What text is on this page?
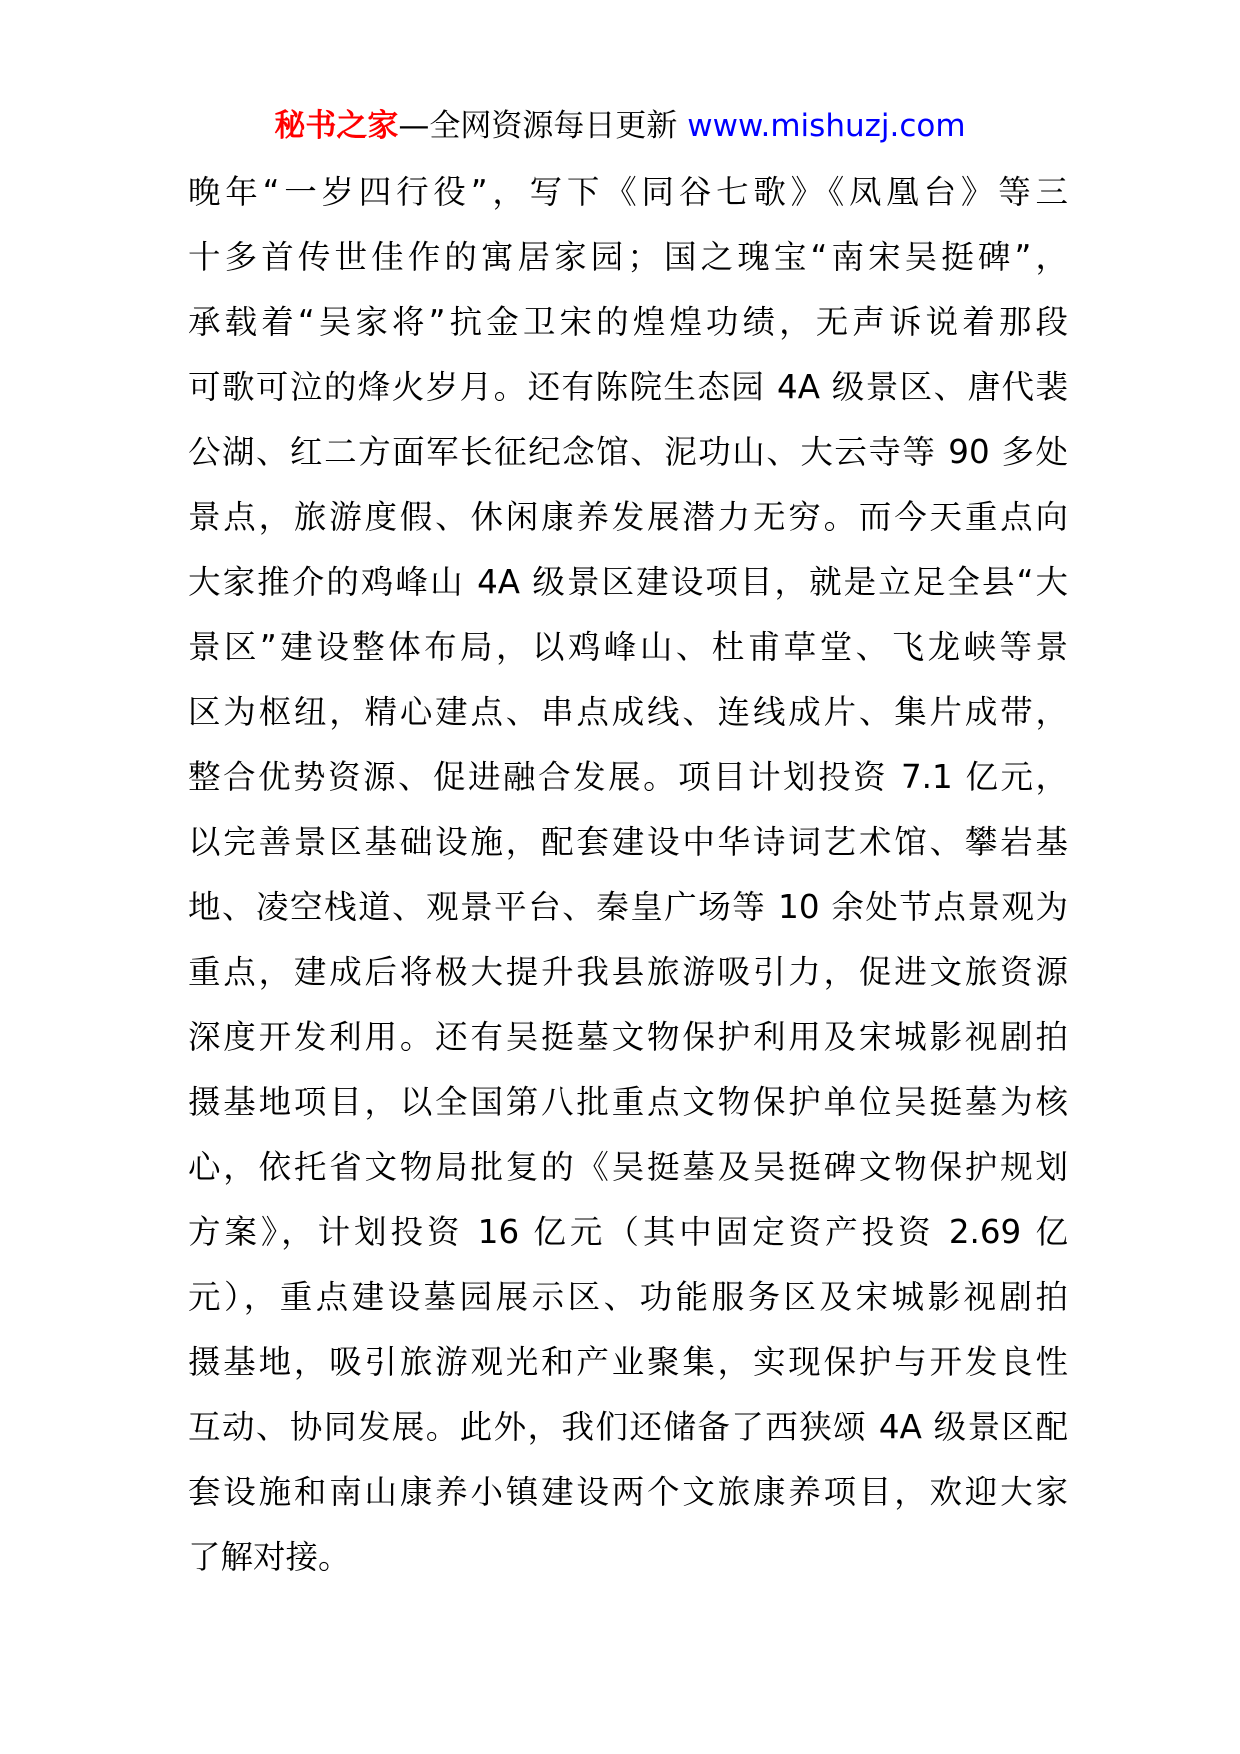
秘书之家—全网资源每日更新 www.mishuzj.com
晚年“一岁四行役”，写下《同谷七歌》《凤凰台》等三
十多首传世佳作的寓居家园；国之瑰宝“南宋吴挺碑”，
承载着“吴家将”抗金卫宋的煌煌功绩，无声诉说着那段
可歌可泣的烽火岁月。还有陈院生态园 4A 级景区、唐代裴
公湖、红二方面军长征纪念馆、泥功山、大云寺等 90 多处
景点，旅游度假、休闲康养发展潜力无穷。而今天重点向
大家推介的鸡峰山 4A 级景区建设项目，就是立足全县“大
景区”建设整体布局，以鸡峰山、杜甫草堂、飞龙峡等景
区为枢纽，精心建点、串点成线、连线成片、集片成带，
整合优势资源、促进融合发展。项目计划投资 7.1 亿元，
以完善景区基础设施，配套建设中华诗词艺术馆、攀岩基
地、凌空栈道、观景平台、秦皇广场等 10 余处节点景观为
重点，建成后将极大提升我县旅游吸引力，促进文旅资源
深度开发利用。还有吴挺墓文物保护利用及宋城影视剧拍
摄基地项目，以全国第八批重点文物保护单位吴挺墓为核
心，依托省文物局批复的《吴挺墓及吴挺碑文物保护规划
方案》，计划投资 16 亿元（其中固定资产投资 2.69 亿
元），重点建设墓园展示区、功能服务区及宋城影视剧拍
摄基地，吸引旅游观光和产业聚集，实现保护与开发良性
互动、协同发展。此外，我们还储备了西狭颂 4A 级景区配
套设施和南山康养小镇建设两个文旅康养项目，欢迎大家
了解对接。
